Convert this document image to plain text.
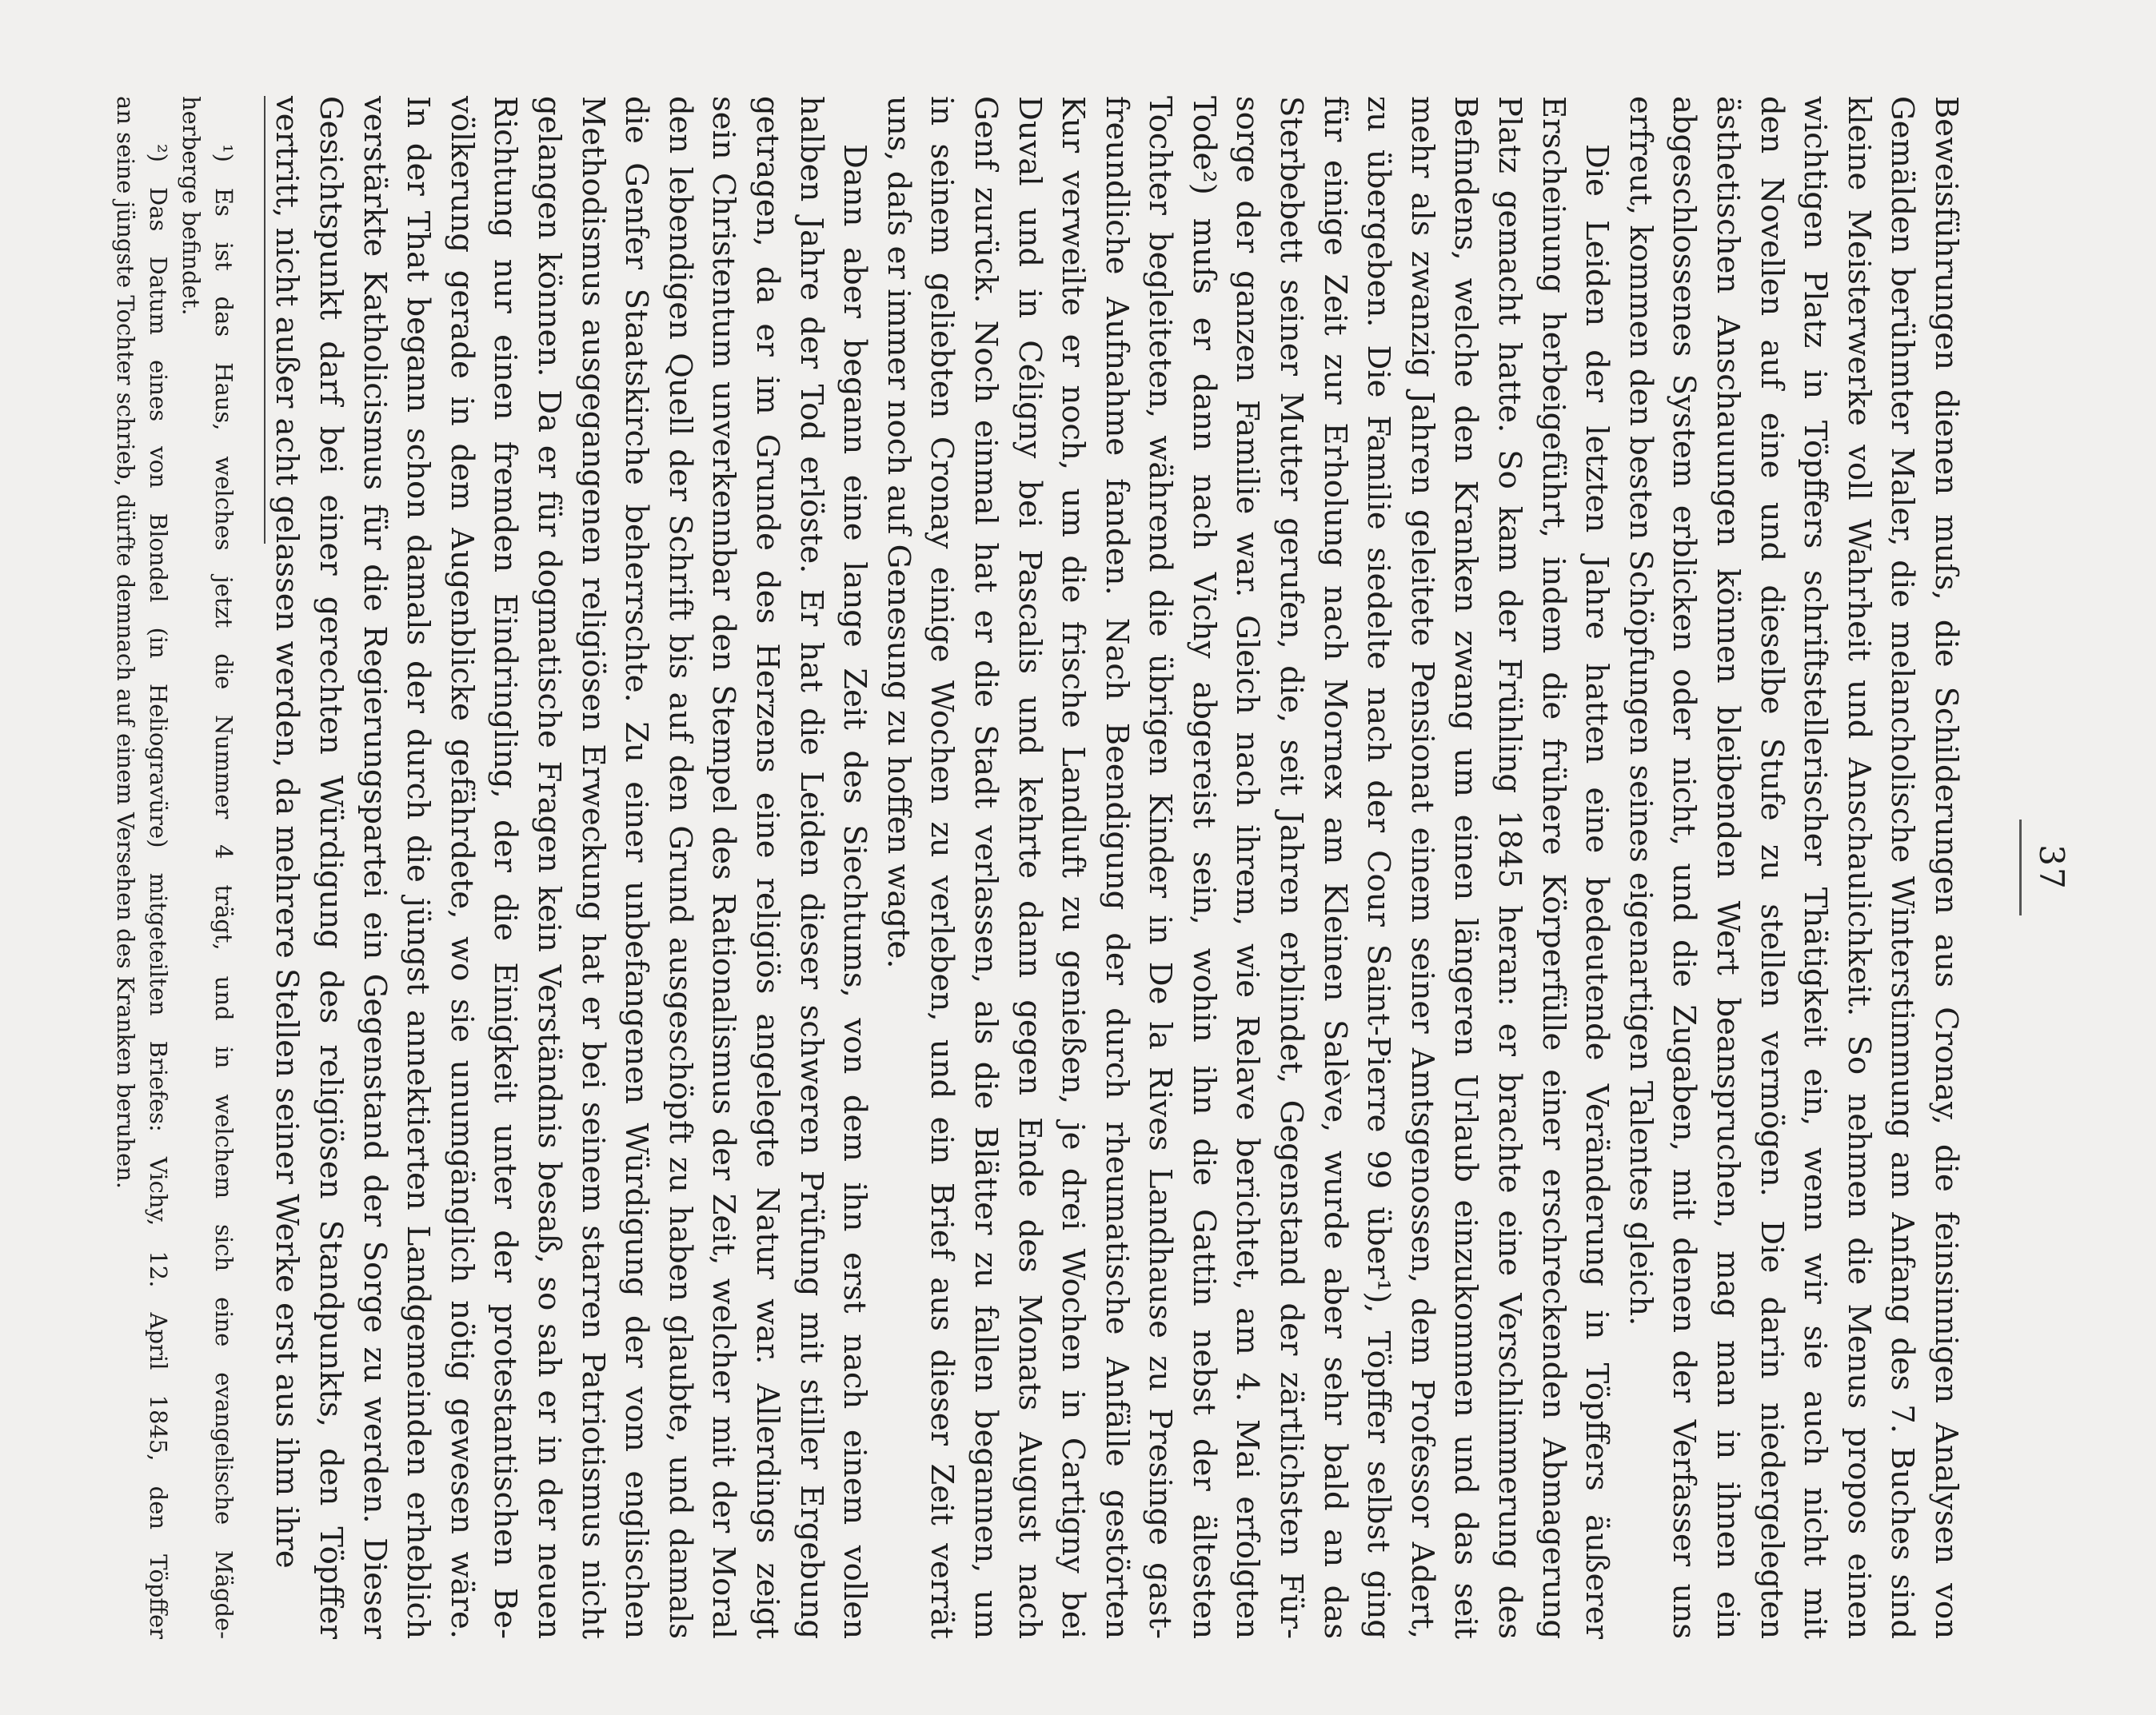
37
Beweisführungen dienen muſs, die Schilderungen aus Cronay, die feinsinnigen Analysen von
Gemälden berühmter Maler, die melancholische Winterstimmung am Anfang des 7. Buches sind
kleine Meisterwerke voll Wahrheit und Anschaulichkeit. So nehmen die Menus propos einen
wichtigen Platz in Töpffers schriftstellerischer Thätigkeit ein, wenn wir sie auch nicht mit
den Novellen auf eine und dieselbe Stufe zu stellen vermögen. Die darin niedergelegten
ästhetischen Anschauungen können bleibenden Wert beanspruchen, mag man in ihnen ein
abgeschlossenes System erblicken oder nicht, und die Zugaben, mit denen der Verfasser uns
erfreut, kommen den besten Schöpfungen seines eigenartigen Talentes gleich.
Die Leiden der letzten Jahre hatten eine bedeutende Veränderung in Töpffers äußerer
Erscheinung herbeigeführt, indem die frühere Körperfülle einer erschreckenden Abmagerung
Platz gemacht hatte. So kam der Frühling 1845 heran: er brachte eine Verschlimmerung des
Befindens, welche den Kranken zwang um einen längeren Urlaub einzukommen und das seit
mehr als zwanzig Jahren geleitete Pensionat einem seiner Amtsgenossen, dem Professor Adert,
zu übergeben. Die Familie siedelte nach der Cour Saint-Pierre 99 über¹), Töpffer selbst ging
für einige Zeit zur Erholung nach Mornex am Kleinen Salève, wurde aber sehr bald an das
Sterbebett seiner Mutter gerufen, die, seit Jahren erblindet, Gegenstand der zärtlichsten Für-
sorge der ganzen Familie war. Gleich nach ihrem, wie Relave berichtet, am 4. Mai erfolgten
Tode²) muſs er dann nach Vichy abgereist sein, wohin ihn die Gattin nebst der ältesten
Tochter begleiteten, während die übrigen Kinder in De la Rives Landhause zu Presinge gast-
freundliche Aufnahme fanden. Nach Beendigung der durch rheumatische Anfälle gestörten
Kur verweilte er noch, um die frische Landluft zu genießen, je drei Wochen in Cartigny bei
Duval und in Céligny bei Pascalis und kehrte dann gegen Ende des Monats August nach
Genf zurück. Noch einmal hat er die Stadt verlassen, als die Blätter zu fallen begannen, um
in seinem geliebten Cronay einige Wochen zu verleben, und ein Brief aus dieser Zeit verrät
uns, daſs er immer noch auf Genesung zu hoffen wagte.
Dann aber begann eine lange Zeit des Siechtums, von dem ihn erst nach einem vollen
halben Jahre der Tod erlöste. Er hat die Leiden dieser schweren Prüfung mit stiller Ergebung
getragen, da er im Grunde des Herzens eine religiös angelegte Natur war. Allerdings zeigt
sein Christentum unverkennbar den Stempel des Rationalismus der Zeit, welcher mit der Moral
den lebendigen Quell der Schrift bis auf den Grund ausgeschöpft zu haben glaubte, und damals
die Genfer Staatskirche beherrschte. Zu einer unbefangenen Würdigung der vom englischen
Methodismus ausgegangenen religiösen Erweckung hat er bei seinem starren Patriotismus nicht
gelangen können. Da er für dogmatische Fragen kein Verständnis besaß, so sah er in der neuen
Richtung nur einen fremden Eindringling, der die Einigkeit unter der protestantischen Be-
völkerung gerade in dem Augenblicke gefährdete, wo sie unumgänglich nötig gewesen wäre.
In der That begann schon damals der durch die jüngst annektierten Landgemeinden erheblich
verstärkte Katholicismus für die Regierungspartei ein Gegenstand der Sorge zu werden. Dieser
Gesichtspunkt darf bei einer gerechten Würdigung des religiösen Standpunkts, den Töpffer
vertritt, nicht außer acht gelassen werden, da mehrere Stellen seiner Werke erst aus ihm ihre
¹) Es ist das Haus, welches jetzt die Nummer 4 trägt, und in welchem sich eine evangelische Mägde-
herberge befindet.
²) Das Datum eines von Blondel (in Heliogravüre) mitgeteilten Briefes: Vichy, 12. April 1845, den Töpffer
an seine jüngste Tochter schrieb, dürfte demnach auf einem Versehen des Kranken beruhen.
